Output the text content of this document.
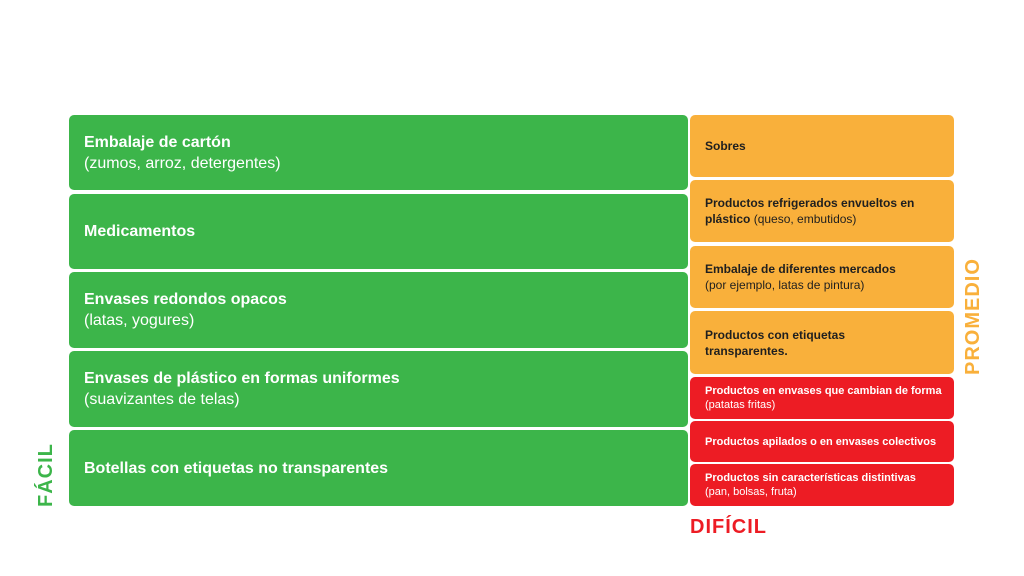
Embalaje de cartón
(zumos, arroz, detergentes)
Medicamentos
Envases redondos opacos
(latas, yogures)
Envases de plástico en formas uniformes
(suavizantes de telas)
Botellas con etiquetas no transparentes
Sobres
Productos refrigerados envueltos en plástico (queso, embutidos)
Embalaje de diferentes mercados
(por ejemplo, latas de pintura)
Productos con etiquetas transparentes.
Productos en envases que cambian de forma (patatas fritas)
Productos apilados o en envases colectivos
Productos sin características distintivas
(pan, bolsas, fruta)
FÁCIL
PROMEDIO
DIFÍCIL
